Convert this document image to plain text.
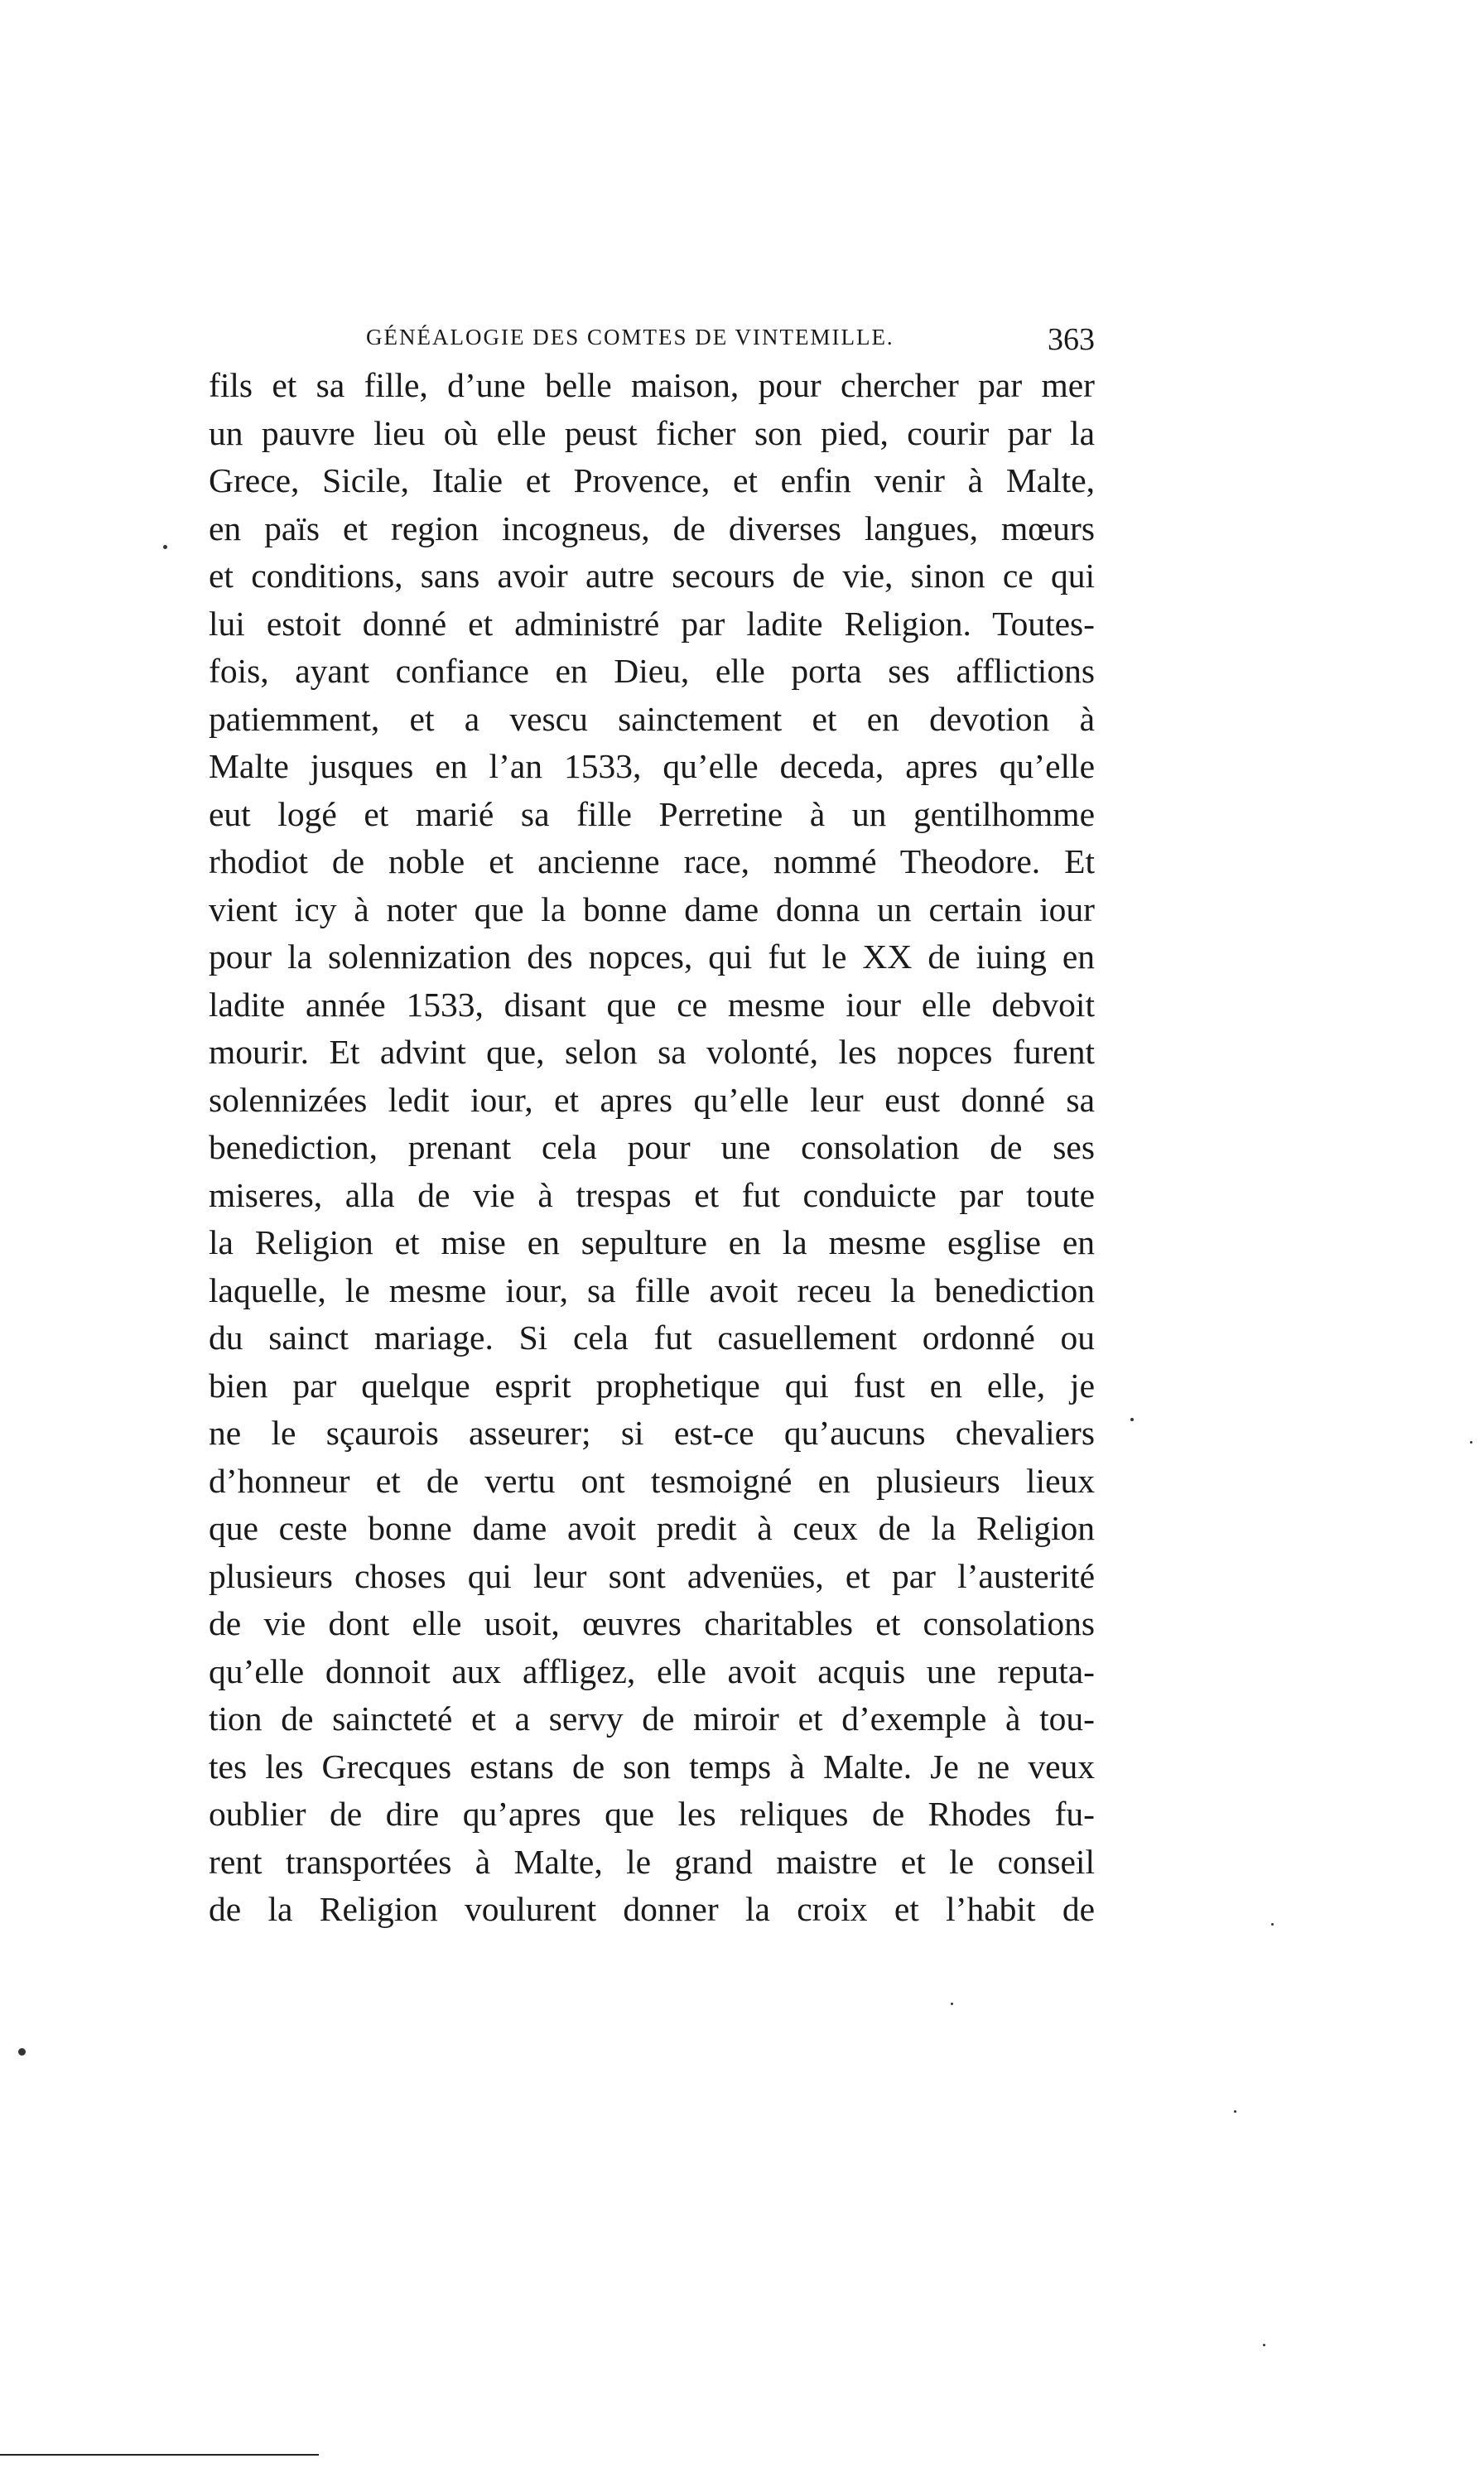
GÉNÉALOGIE DES COMTES DE VINTEMILLE.	363
fils et sa fille, d’une belle maison, pour chercher par mer
un pauvre lieu où elle peust ficher son pied, courir par la
Grece, Sicile, Italie et Provence, et enfin venir à Malte,
en païs et region incogneus, de diverses langues, mœurs
et conditions, sans avoir autre secours de vie, sinon ce qui
lui estoit donné et administré par ladite Religion. Toutes-
fois, ayant confiance en Dieu, elle porta ses afflictions
patiemment, et a vescu sainctement et en devotion à
Malte jusques en l’an 1533, qu’elle deceda, apres qu’elle
eut logé et marié sa fille Perretine à un gentilhomme
rhodiot de noble et ancienne race, nommé Theodore. Et
vient icy à noter que la bonne dame donna un certain iour
pour la solennization des nopces, qui fut le XX de iuing en
ladite année 1533, disant que ce mesme iour elle debvoit
mourir. Et advint que, selon sa volonté, les nopces furent
solennizées ledit iour, et apres qu’elle leur eust donné sa
benediction, prenant cela pour une consolation de ses
miseres, alla de vie à trespas et fut conduicte par toute
la Religion et mise en sepulture en la mesme esglise en
laquelle, le mesme iour, sa fille avoit receu la benediction
du sainct mariage. Si cela fut casuellement ordonné ou
bien par quelque esprit prophetique qui fust en elle, je
ne le sçaurois asseurer; si est-ce qu’aucuns chevaliers
d’honneur et de vertu ont tesmoigné en plusieurs lieux
que ceste bonne dame avoit predit à ceux de la Religion
plusieurs choses qui leur sont advenües, et par l’austerité
de vie dont elle usoit, œuvres charitables et consolations
qu’elle donnoit aux affligez, elle avoit acquis une reputa-
tion de saincteté et a servy de miroir et d’exemple à tou-
tes les Grecques estans de son temps à Malte. Je ne veux
oublier de dire qu’apres que les reliques de Rhodes fu-
rent transportées à Malte, le grand maistre et le conseil
de la Religion voulurent donner la croix et l’habit de
